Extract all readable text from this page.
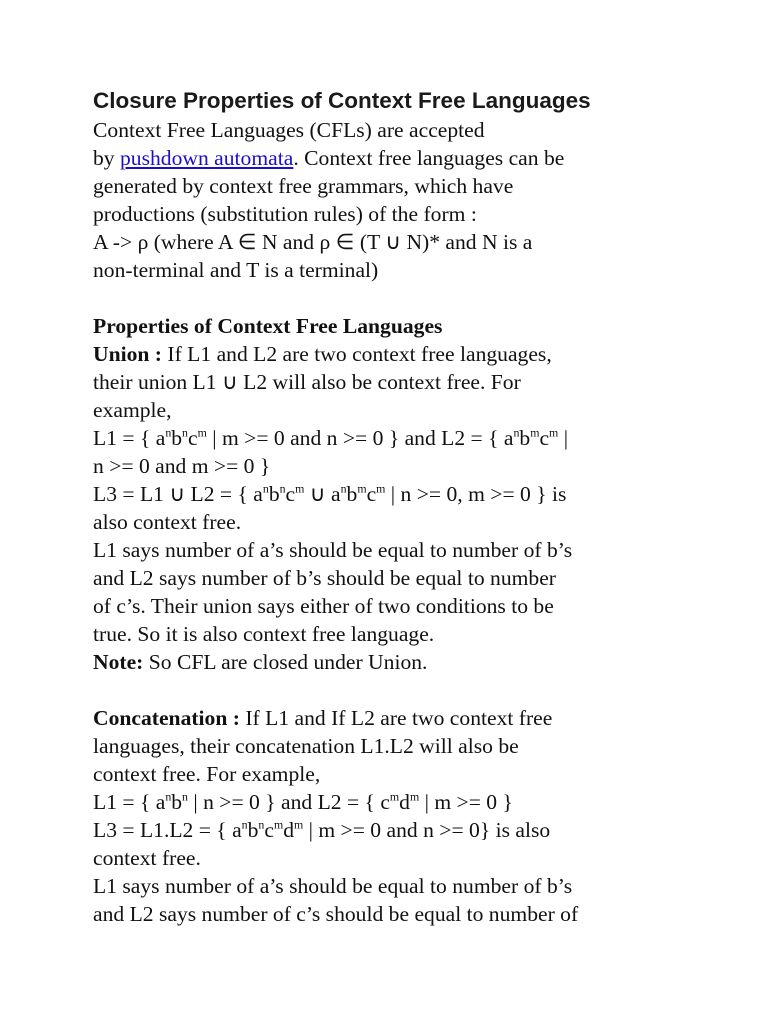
Closure Properties of Context Free Languages
Context Free Languages (CFLs) are accepted
by pushdown automata. Context free languages can be
generated by context free grammars, which have
productions (substitution rules) of the form :
A -> ρ (where A ∈ N and ρ ∈ (T ∪ N)* and N is a
non-terminal and T is a terminal)
Properties of Context Free Languages
Union : If L1 and L2 are two context free languages,
their union L1 ∪ L2 will also be context free. For
example,
L1 = { $a^nb^nc^m$ | m >= 0 and n >= 0 } and L2 = { $a^nb^mc^m$ |
n >= 0 and m >= 0 }
L3 = L1 ∪ L2 = { $a^nb^nc^m$ ∪ $a^nb^mc^m$ | n >= 0, m >= 0 } is
also context free.
L1 says number of a’s should be equal to number of b’s
and L2 says number of b’s should be equal to number
of c’s. Their union says either of two conditions to be
true. So it is also context free language.
Note: So CFL are closed under Union.
Concatenation : If L1 and If L2 are two context free
languages, their concatenation L1.L2 will also be
context free. For example,
L1 = { $a^nb^n$ | n >= 0 } and L2 = { $c^md^m$ | m >= 0 }
L3 = L1.L2 = { $a^nb^nc^md^m$ | m >= 0 and n >= 0} is also
context free.
L1 says number of a’s should be equal to number of b’s
and L2 says number of c’s should be equal to number of
